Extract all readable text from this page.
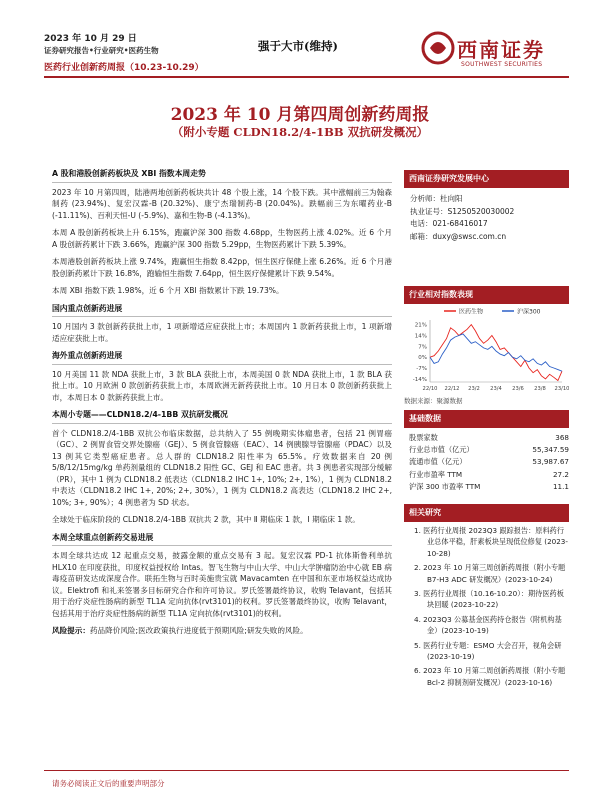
2023 年 10 月 29 日
证券研究报告•行业研究•医药生物
医药行业创新药周报（10.23-10.29）
强于大市(维持)	西南证券
SOUTHWEST SECURITIES
2023 年 10 月第四周创新药周报
（附小专题 CLDN18.2/4-1BB 双抗研发概况）
A 股和港股创新药板块及 XBI 指数本周走势

2023 年 10 月第四周，陆港两地创新药板块共计 48 个股上涨，14 个股下跌。其中涨幅前三为翰森制药 (23.94%)、复宏汉霖-B (20.32%)、康宁杰瑞制药-B (20.04%)。跌幅前三为东曜药业-B (-11.11%)、百利天恒-U (-5.9%)、嘉和生物-B (-4.13%)。

本周 A 股创新药板块上升 6.15%，跑赢沪深 300 指数 4.68pp，生物医药上涨 4.02%。近 6 个月 A 股创新药累计下跌 3.66%，跑赢沪深 300 指数 5.29pp，生物医药累计下跌 5.39%。

本周港股创新药板块上涨 9.74%，跑赢恒生指数 8.42pp，恒生医疗保健上涨 6.26%。近 6 个月港股创新药累计下跌 16.8%，跑输恒生指数 7.64pp，恒生医疗保健累计下跌 9.54%。

本周 XBI 指数下跌 1.98%，近 6 个月 XBI 指数累计下跌 19.73%。

国内重点创新药进展

10 月国内 3 款创新药获批上市，1 项新增适应症获批上市；本周国内 1 款新药获批上市，1 项新增适应症获批上市。

海外重点创新药进展

10 月美国 11 款 NDA 获批上市，3 款 BLA 获批上市，本周美国 0 款 NDA 获批上市，1 款 BLA 获批上市。10 月欧洲 0 款创新药获批上市，本周欧洲无新药获批上市。10 月日本 0 款创新药获批上市，本周日本 0 款新药获批上市。

本周小专题——CLDN18.2/4-1BB 双抗研发概况

首个 CLDN18.2/4-1BB 双抗公布临床数据，总共纳入了 55 例晚期实体瘤患者，包括 21 例胃癌（GC）、2 例胃食管交界处腺癌（GEJ）、5 例食管腺癌（EAC）、14 例胰腺导管腺癌（PDAC）以及 13 例其它类型癌症患者。总人群的 CLDN18.2 阳性率为 65.5%。疗效数据来自 20 例 5/8/12/15mg/kg 单药剂量组的 CLDN18.2 阳性 GC、GEJ 和 EAC 患者。共 3 例患者实现部分缓解（PR），其中 1 例为 CLDN18.2 低表达（CLDN18.2 IHC 1+, 10%; 2+, 1%），1 例为 CLDN18.2 中表达（CLDN18.2 IHC 1+, 20%; 2+, 30%），1 例为 CLDN18.2 高表达（CLDN18.2 IHC 2+, 10%; 3+, 90%）；4 例患者为 SD 状态。

全球处于临床阶段的 CLDN18.2/4-1BB 双抗共 2 款，其中 Ⅱ 期临床 1 款，Ⅰ 期临床 1 款。

本周全球重点创新药交易进展

本周全球共达成 12 起重点交易，披露金额的重点交易有 3 起。复宏汉霖 PD-1 抗体斯鲁利单抗 HLX10 在印度获批，印度权益授权给 Intas。智飞生物与中山大学、中山大学肿瘤防治中心就 EB 病毒疫苗研发达成深度合作。联拓生物与百时美施贵宝就 Mavacamten 在中国和东亚市场权益达成协议。Elektrofi 和礼来签署多目标研究合作和许可协议。罗氏签署最终协议，收购 Telavant，包括其用于治疗炎症性肠病的新型 TL1A 定向抗体(rvt3101)的权利。罗氏签署最终协议，收购 Telavant，包括其用于治疗炎症性肠病的新型 TL1A 定向抗体(rvt3101)的权利。

风险提示：药品降价风险;医改政策执行进度低于预期风险;研发失败的风险。
西南证券研究发展中心
分析师：杜向阳
执业证号：S1250520030002
电话：021-68416017
邮箱：duxy@swsc.com.cn
行业相对指数表现
医药生物	沪深300
21%
14%
7%
0%
-7%
-14%
22/10 22/12 23/2 23/4 23/6 23/8 23/10
数据来源：聚源数据
基础数据
股票家数	368
行业总市值（亿元）	55,347.59
流通市值（亿元）	53,987.67
行业市盈率 TTM	27.2
沪深 300 市盈率 TTM	11.1
相关研究
1. 医药行业周报 2023Q3 跟踪报告：原料药行业总体平稳，肝素板块呈现低位修复 (2023-10-28)
2. 2023 年 10 月第三周创新药周报（附小专题 B7-H3 ADC 研发概况）(2023-10-24)
3. 医药行业周报（10.16-10.20）：期待医药板块回暖 (2023-10-22)
4. 2023Q3 公募基金医药持仓报告（附机构基金）(2023-10-19)
5. 医药行业专题：ESMO 大会召开，视角会研 (2023-10-19)
6. 2023 年 10 月第二周创新药周报（附小专题 Bcl-2 抑制剂研发概况）(2023-10-16)
请务必阅读正文后的重要声明部分
